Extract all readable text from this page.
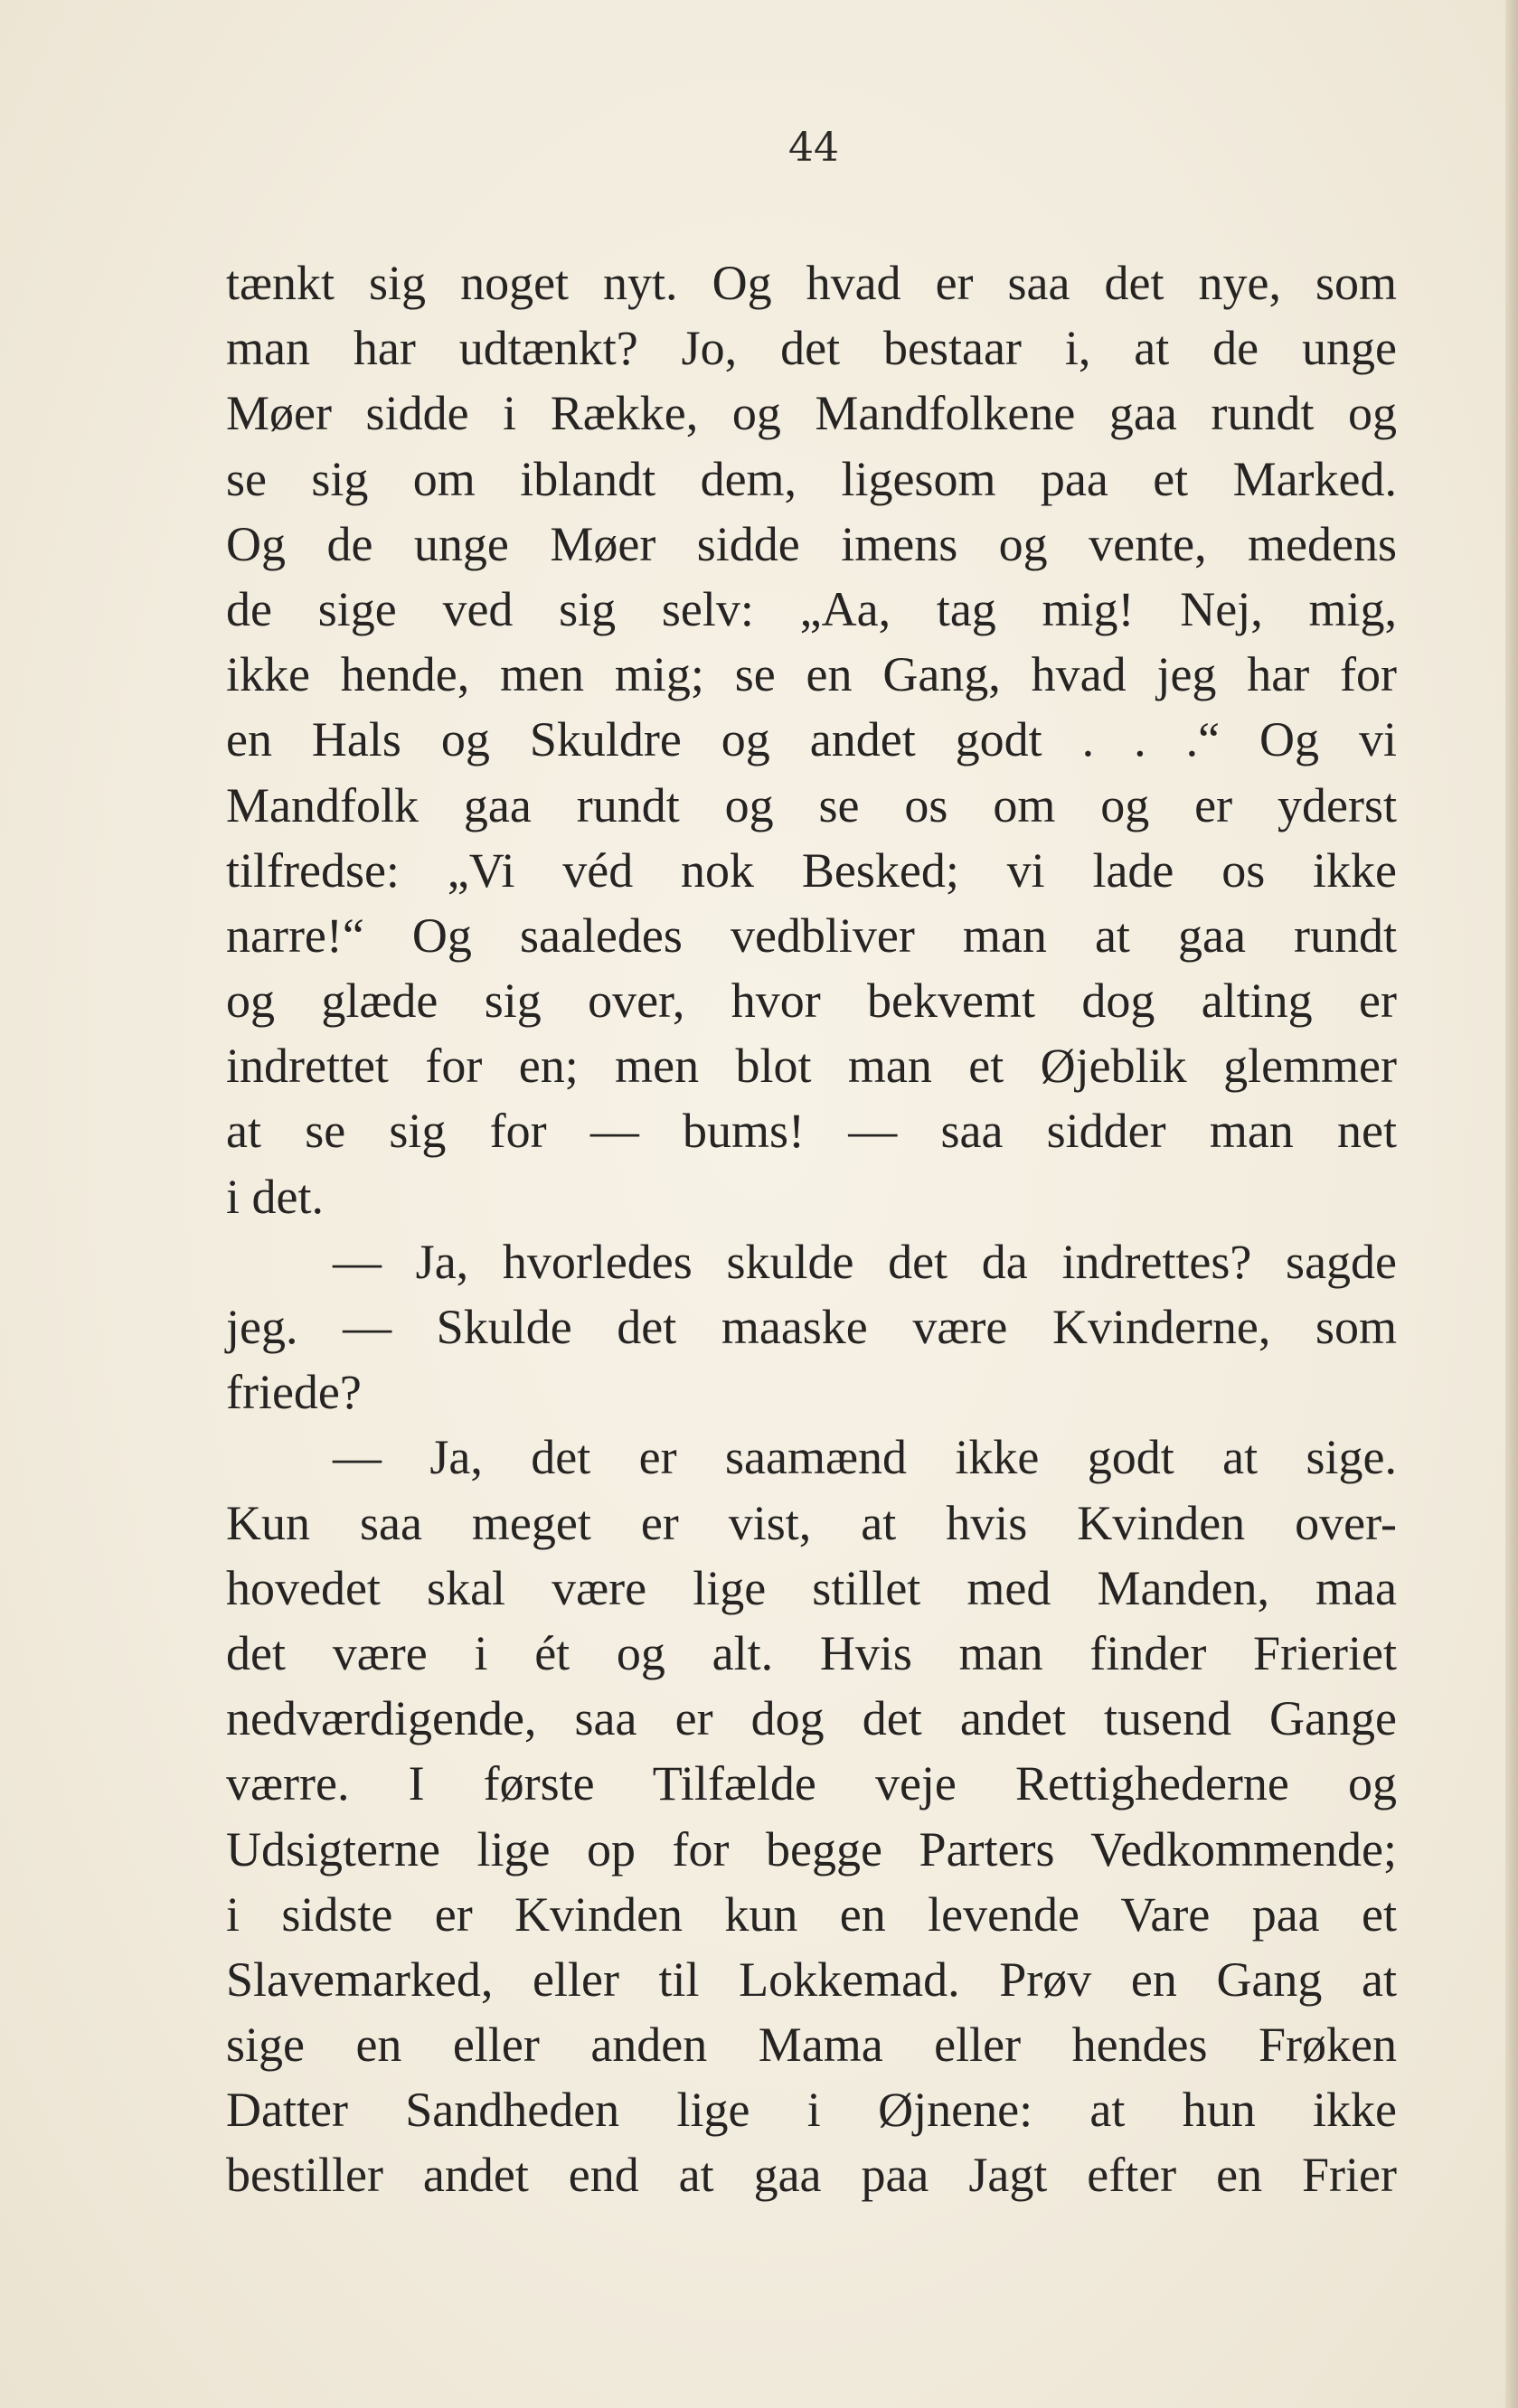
44
tænkt sig noget nyt. Og hvad er saa det nye, som
man har udtænkt? Jo, det bestaar i, at de unge
Møer sidde i Række, og Mandfolkene gaa rundt og
se sig om iblandt dem, ligesom paa et Marked.
Og de unge Møer sidde imens og vente, medens
de sige ved sig selv: „Aa, tag mig! Nej, mig,
ikke hende, men mig; se en Gang, hvad jeg har for
en Hals og Skuldre og andet godt . . .“ Og vi
Mandfolk gaa rundt og se os om og er yderst
tilfredse: „Vi véd nok Besked; vi lade os ikke
narre!“ Og saaledes vedbliver man at gaa rundt
og glæde sig over, hvor bekvemt dog alting er
indrettet for en; men blot man et Øjeblik glemmer
at se sig for — bums! — saa sidder man net
i det.
— Ja, hvorledes skulde det da indrettes? sagde
jeg. — Skulde det maaske være Kvinderne, som
friede?
— Ja, det er saamænd ikke godt at sige.
Kun saa meget er vist, at hvis Kvinden over-
hovedet skal være lige stillet med Manden, maa
det være i ét og alt. Hvis man finder Frieriet
nedværdigende, saa er dog det andet tusend Gange
værre. I første Tilfælde veje Rettighederne og
Udsigterne lige op for begge Parters Vedkommende;
i sidste er Kvinden kun en levende Vare paa et
Slavemarked, eller til Lokkemad. Prøv en Gang at
sige en eller anden Mama eller hendes Frøken
Datter Sandheden lige i Øjnene: at hun ikke
bestiller andet end at gaa paa Jagt efter en Frier
